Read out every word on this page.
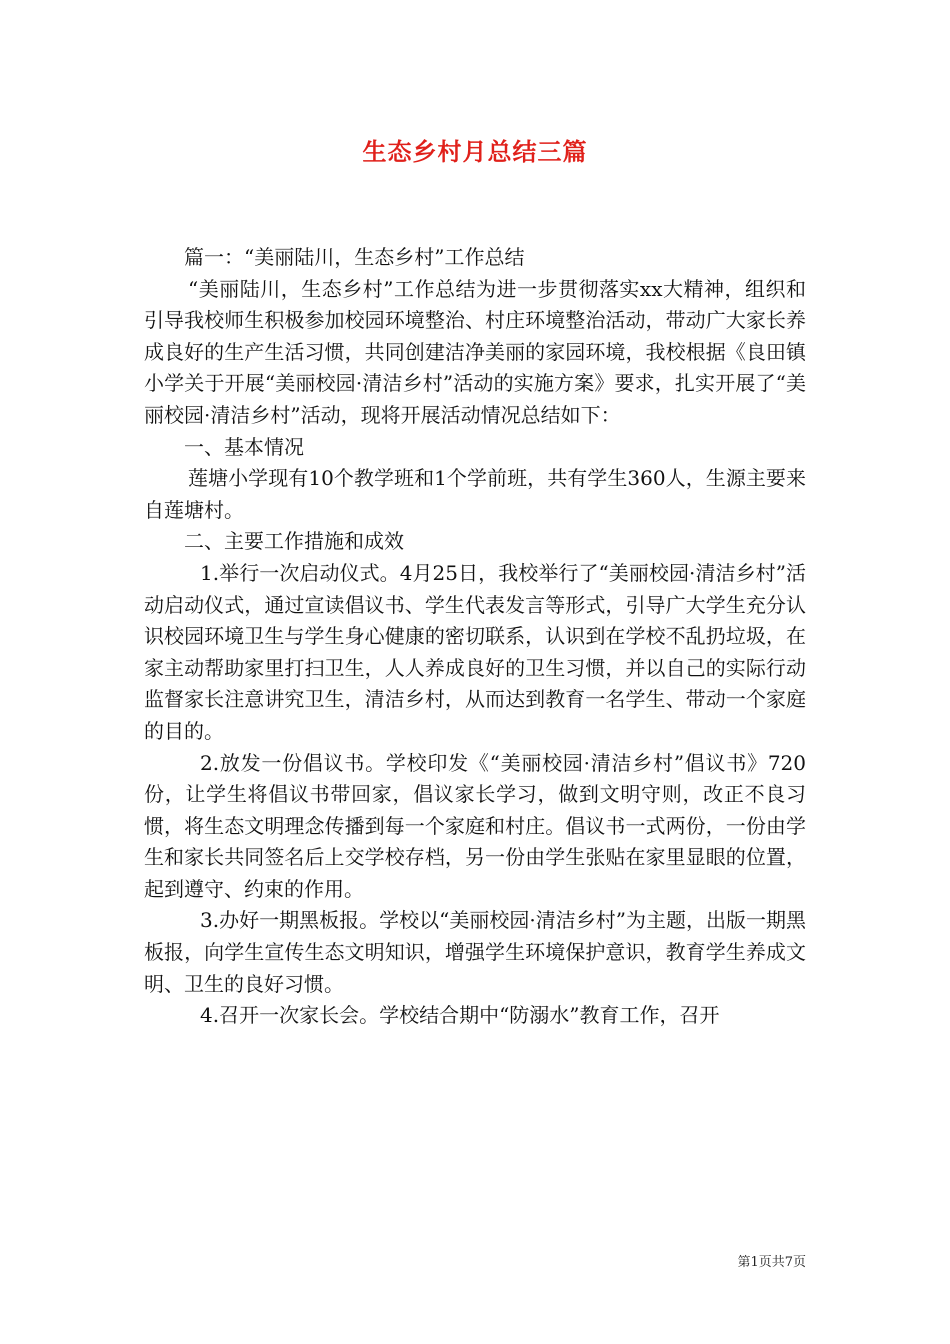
生态乡村月总结三篇

篇一：“美丽陆川，生态乡村”工作总结

“美丽陆川，生态乡村”工作总结为进一步贯彻落实xx大精神，组织和引导我校师生积极参加校园环境整治、村庄环境整治活动，带动广大家长养成良好的生产生活习惯，共同创建洁净美丽的家园环境，我校根据《良田镇小学关于开展“美丽校园·清洁乡村”活动的实施方案》要求，扎实开展了“美丽校园·清洁乡村”活动，现将开展活动情况总结如下：

一、基本情况

莲塘小学现有10个教学班和1个学前班，共有学生360人，生源主要来自莲塘村。

二、主要工作措施和成效

1.举行一次启动仪式。4月25日，我校举行了“美丽校园·清洁乡村”活动启动仪式，通过宣读倡议书、学生代表发言等形式，引导广大学生充分认识校园环境卫生与学生身心健康的密切联系，认识到在学校不乱扔垃圾，在家主动帮助家里打扫卫生，人人养成良好的卫生习惯，并以自己的实际行动监督家长注意讲究卫生，清洁乡村，从而达到教育一名学生、带动一个家庭的目的。

2.放发一份倡议书。学校印发《“美丽校园·清洁乡村”倡议书》720份，让学生将倡议书带回家，倡议家长学习，做到文明守则，改正不良习惯，将生态文明理念传播到每一个家庭和村庄。倡议书一式两份，一份由学生和家长共同签名后上交学校存档，另一份由学生张贴在家里显眼的位置，起到遵守、约束的作用。

3.办好一期黑板报。学校以“美丽校园·清洁乡村”为主题，出版一期黑板报，向学生宣传生态文明知识，增强学生环境保护意识，教育学生养成文明、卫生的良好习惯。

4.召开一次家长会。学校结合期中“防溺水”教育工作，召开

第1页共7页
